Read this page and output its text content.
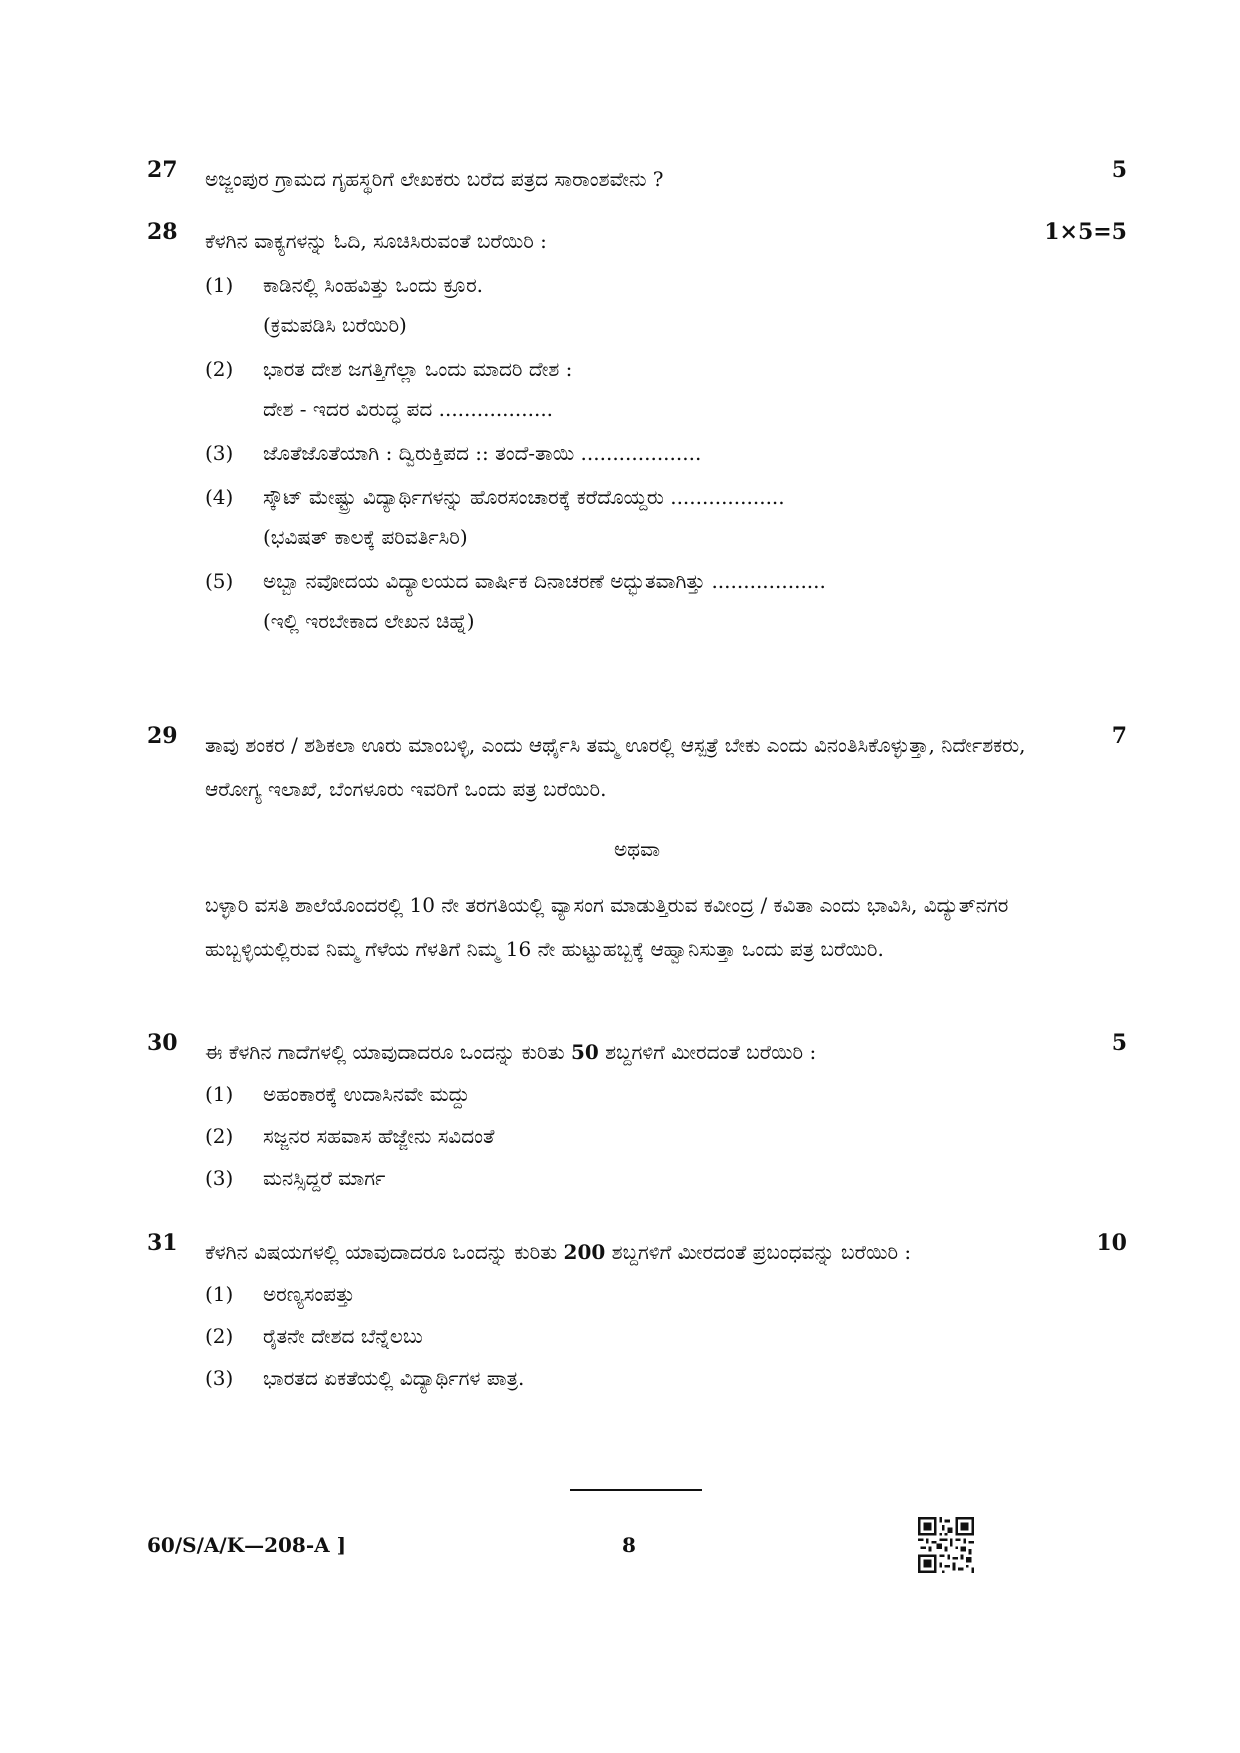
27 ಅಜ್ಜಂಪುರ ಗ್ರಾಮದ ಗೃಹಸ್ಥರಿಗೆ ಲೇಖಕರು ಬರೆದ ಪತ್ರದ ಸಾರಾಂಶವೇನು ?	5
28 ಕೆಳಗಿನ ವಾಕ್ಯಗಳನ್ನು ಓದಿ, ಸೂಚಿಸಿರುವಂತೆ ಬರೆಯಿರಿ :	1×5=5
(1) ಕಾಡಿನಲ್ಲಿ ಸಿಂಹವಿತ್ತು ಒಂದು ಕ್ರೂರ.
(ಕ್ರಮಪಡಿಸಿ ಬರೆಯಿರಿ)
(2) ಭಾರತ ದೇಶ ಜಗತ್ತಿಗೆಲ್ಲಾ ಒಂದು ಮಾದರಿ ದೇಶ :
ದೇಶ - ಇದರ ವಿರುದ್ಧ ಪದ ..................
(3) ಜೊತೆಜೊತೆಯಾಗಿ : ದ್ವಿರುಕ್ತಿಪದ :: ತಂದೆ-ತಾಯಿ ...................
(4) ಸ್ಕೌಟ್ ಮೇಷ್ಟ್ರು ವಿದ್ಯಾರ್ಥಿಗಳನ್ನು ಹೊರಸಂಚಾರಕ್ಕೆ ಕರೆದೊಯ್ದರು ..................
(ಭವಿಷತ್ ಕಾಲಕ್ಕೆ ಪರಿವರ್ತಿಸಿರಿ)
(5) ಅಬ್ಬಾ ನವೋದಯ ವಿದ್ಯಾಲಯದ ವಾರ್ಷಿಕ ದಿನಾಚರಣೆ ಅದ್ಭುತವಾಗಿತ್ತು ..................
(ಇಲ್ಲಿ ಇರಬೇಕಾದ ಲೇಖನ ಚಿಹ್ನೆ)
29 ತಾವು ಶಂಕರ / ಶಶಿಕಲಾ ಊರು ಮಾಂಬಳ್ಳಿ, ಎಂದು ಆರ್ಥೈಸಿ ತಮ್ಮ ಊರಲ್ಲಿ ಆಸ್ಪತ್ರೆ ಬೇಕು ಎಂದು ವಿನಂತಿಸಿಕೊಳ್ಳುತ್ತಾ, ನಿರ್ದೇಶಕರು, ಆರೋಗ್ಯ ಇಲಾಖೆ, ಬೆಂಗಳೂರು ಇವರಿಗೆ ಒಂದು ಪತ್ರ ಬರೆಯಿರಿ.
7
ಅಥವಾ
ಬಳ್ಳಾರಿ ವಸತಿ ಶಾಲೆಯೊಂದರಲ್ಲಿ 10 ನೇ ತರಗತಿಯಲ್ಲಿ ವ್ಯಾಸಂಗ ಮಾಡುತ್ತಿರುವ ಕವೀಂದ್ರ / ಕವಿತಾ ಎಂದು ಭಾವಿಸಿ, ವಿದ್ಯುತ್‌ನಗರ ಹುಬ್ಬಳ್ಳಿಯಲ್ಲಿರುವ ನಿಮ್ಮ ಗೆಳೆಯ ಗೆಳತಿಗೆ ನಿಮ್ಮ 16 ನೇ ಹುಟ್ಟುಹಬ್ಬಕ್ಕೆ ಆಹ್ವಾನಿಸುತ್ತಾ ಒಂದು ಪತ್ರ ಬರೆಯಿರಿ.
30 ಈ ಕೆಳಗಿನ ಗಾದೆಗಳಲ್ಲಿ ಯಾವುದಾದರೂ ಒಂದನ್ನು ಕುರಿತು 50 ಶಬ್ದಗಳಿಗೆ ಮೀರದಂತೆ ಬರೆಯಿರಿ :	5
(1) ಅಹಂಕಾರಕ್ಕೆ ಉದಾಸಿನವೇ ಮದ್ದು
(2) ಸಜ್ಜನರ ಸಹವಾಸ ಹೆಜ್ಜೇನು ಸವಿದಂತೆ
(3) ಮನಸ್ಸಿದ್ದರೆ ಮಾರ್ಗ
31 ಕೆಳಗಿನ ವಿಷಯಗಳಲ್ಲಿ ಯಾವುದಾದರೂ ಒಂದನ್ನು ಕುರಿತು 200 ಶಬ್ದಗಳಿಗೆ ಮೀರದಂತೆ ಪ್ರಬಂಧವನ್ನು ಬರೆಯಿರಿ :	10
(1) ಅರಣ್ಯಸಂಪತ್ತು
(2) ರೈತನೇ ದೇಶದ ಬೆನ್ನೆಲಬು
(3) ಭಾರತದ ಏಕತೆಯಲ್ಲಿ ವಿದ್ಯಾರ್ಥಿಗಳ ಪಾತ್ರ.
60/S/A/K—208-A ]	8
